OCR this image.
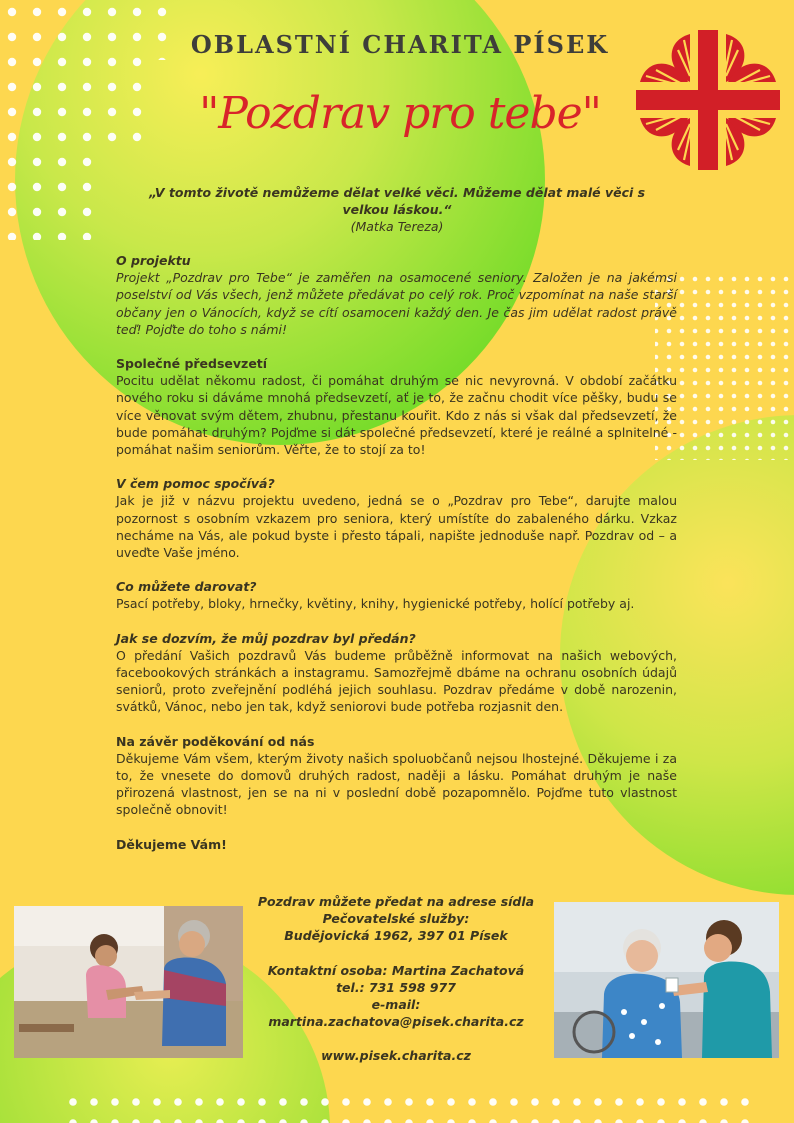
OBLASTNÍ CHARITA PÍSEK
"Pozdrav pro tebe"
„V tomto životě nemůžeme dělat velké věci. Můžeme dělat malé věci s velkou láskou.“
(Matka Tereza)
O projektu

Projekt „Pozdrav pro Tebe“ je zaměřen na osamocené seniory. Založen je na jakémsi poselství od Vás všech, jenž můžete předávat po celý rok. Proč vzpomínat na naše starší občany jen o Vánocích, když se cítí osamoceni každý den. Je čas jim udělat radost právě teď! Pojďte do toho s námi!

Společné předsevzetí

Pocitu udělat někomu radost, či pomáhat druhým se nic nevyrovná. V období začátku nového roku si dáváme mnohá předsevzetí, ať je to, že začnu chodit více pěšky, budu se více věnovat svým dětem, zhubnu, přestanu kouřit. Kdo z nás si však dal předsevzetí, že bude pomáhat druhým? Pojďme si dát společné předsevzetí, které je reálné a splnitelné - pomáhat našim seniorům. Věřte, že to stojí za to!

V čem pomoc spočívá?

Jak je již v názvu projektu uvedeno, jedná se o „Pozdrav pro Tebe“, darujte malou pozornost s osobním vzkazem pro seniora, který umístíte do zabaleného dárku. Vzkaz necháme na Vás, ale pokud byste i přesto tápali, napište jednoduše např. Pozdrav od – a uveďte Vaše jméno.

Co můžete darovat?

Psací potřeby, bloky, hrnečky, květiny, knihy, hygienické potřeby, holící potřeby aj.

Jak se dozvím, že můj pozdrav byl předán?

O předání Vašich pozdravů Vás budeme průběžně informovat na našich webových, facebookových stránkách a instagramu. Samozřejmě dbáme na ochranu osobních údajů seniorů, proto zveřejnění podléhá jejich souhlasu. Pozdrav předáme v době narozenin, svátků, Vánoc, nebo jen tak, když seniorovi bude potřeba rozjasnit den.

Na závěr poděkování od nás

Děkujeme Vám všem, kterým životy našich spoluobčanů nejsou lhostejné. Děkujeme i za to, že vnesete do domovů druhých radost, naději a lásku. Pomáhat druhým je naše přirozená vlastnost, jen se na ni v poslední době pozapomnělo. Pojďme tuto vlastnost společně obnovit!

Děkujeme Vám!

Pozdrav můžete předat na adrese sídla
Pečovatelské služby:
Budějovická 1962, 397 01 Písek
Kontaktní osoba: Martina Zachatová
tel.: 731 598 977
e-mail: martina.zachatova@pisek.charita.cz
www.pisek.charita.cz
